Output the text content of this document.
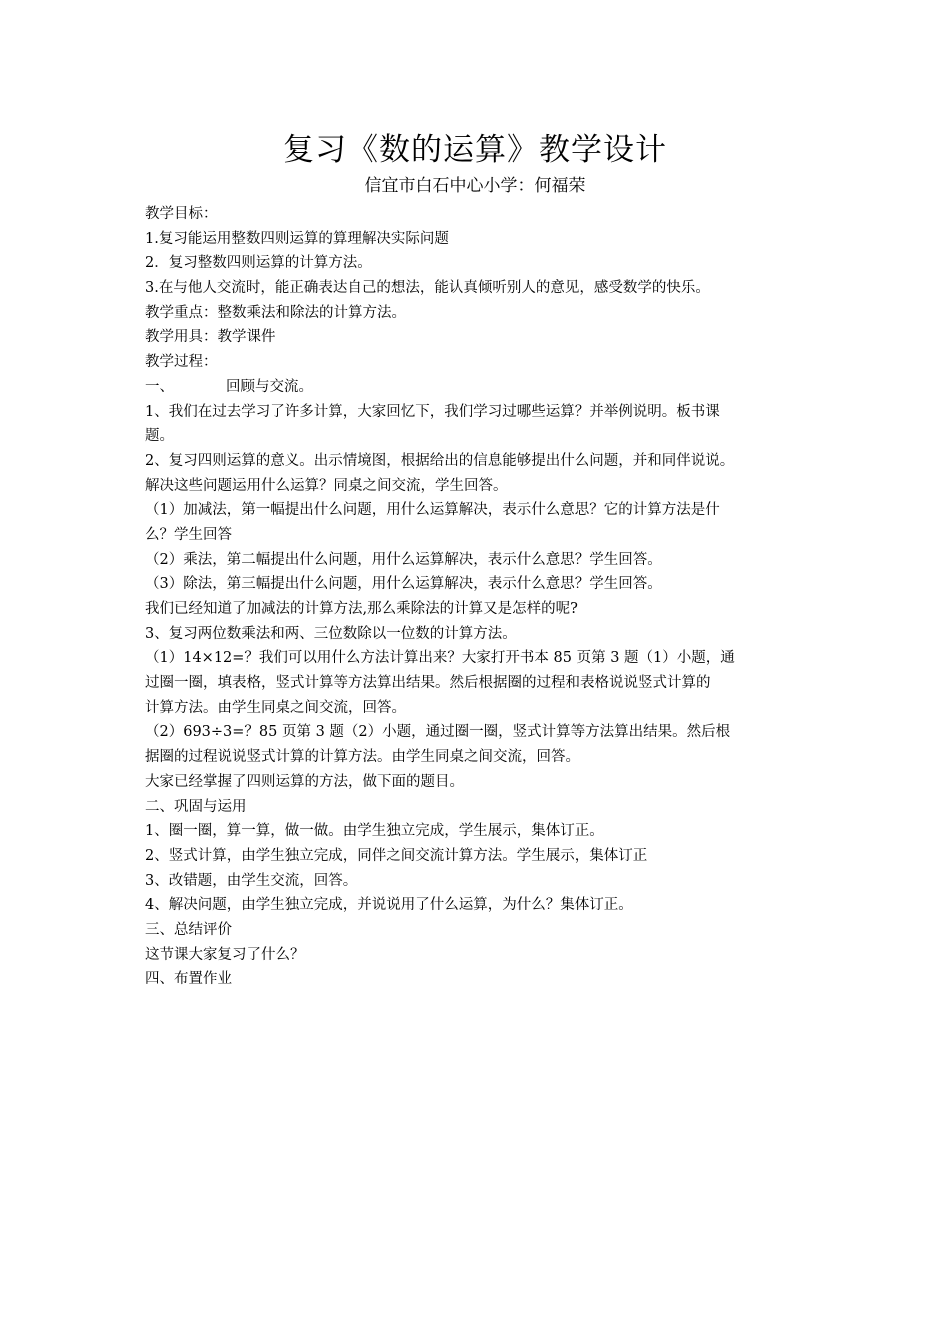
复习《数的运算》教学设计
信宜市白石中心小学：何福荣
教学目标：
1.复习能运用整数四则运算的算理解决实际问题
2．复习整数四则运算的计算方法。
3.在与他人交流时，能正确表达自己的想法，能认真倾听别人的意见，感受数学的快乐。
教学重点：整数乘法和除法的计算方法。
教学用具：教学课件
教学过程：
一、	回顾与交流。
1、我们在过去学习了许多计算，大家回忆下，我们学习过哪些运算？并举例说明。板书课
题。
2、复习四则运算的意义。出示情境图，根据给出的信息能够提出什么问题，并和同伴说说。
解决这些问题运用什么运算？同桌之间交流，学生回答。
（1）加减法，第一幅提出什么问题，用什么运算解决，表示什么意思？它的计算方法是什
么？学生回答
（2）乘法，第二幅提出什么问题，用什么运算解决，表示什么意思？学生回答。
（3）除法，第三幅提出什么问题，用什么运算解决，表示什么意思？学生回答。
我们已经知道了加减法的计算方法,那么乘除法的计算又是怎样的呢?
3、复习两位数乘法和两、三位数除以一位数的计算方法。
（1）14×12=？我们可以用什么方法计算出来？大家打开书本 85 页第 3 题（1）小题，通
过圈一圈，填表格，竖式计算等方法算出结果。然后根据圈的过程和表格说说竖式计算的
计算方法。由学生同桌之间交流，回答。
（2）693÷3=？85 页第 3 题（2）小题，通过圈一圈，竖式计算等方法算出结果。然后根
据圈的过程说说竖式计算的计算方法。由学生同桌之间交流，回答。
大家已经掌握了四则运算的方法，做下面的题目。
二、巩固与运用
1、圈一圈，算一算，做一做。由学生独立完成，学生展示，集体订正。
2、竖式计算，由学生独立完成，同伴之间交流计算方法。学生展示，集体订正
3、改错题，由学生交流，回答。
4、解决问题，由学生独立完成，并说说用了什么运算，为什么？集体订正。
三、总结评价
这节课大家复习了什么？
四、布置作业
